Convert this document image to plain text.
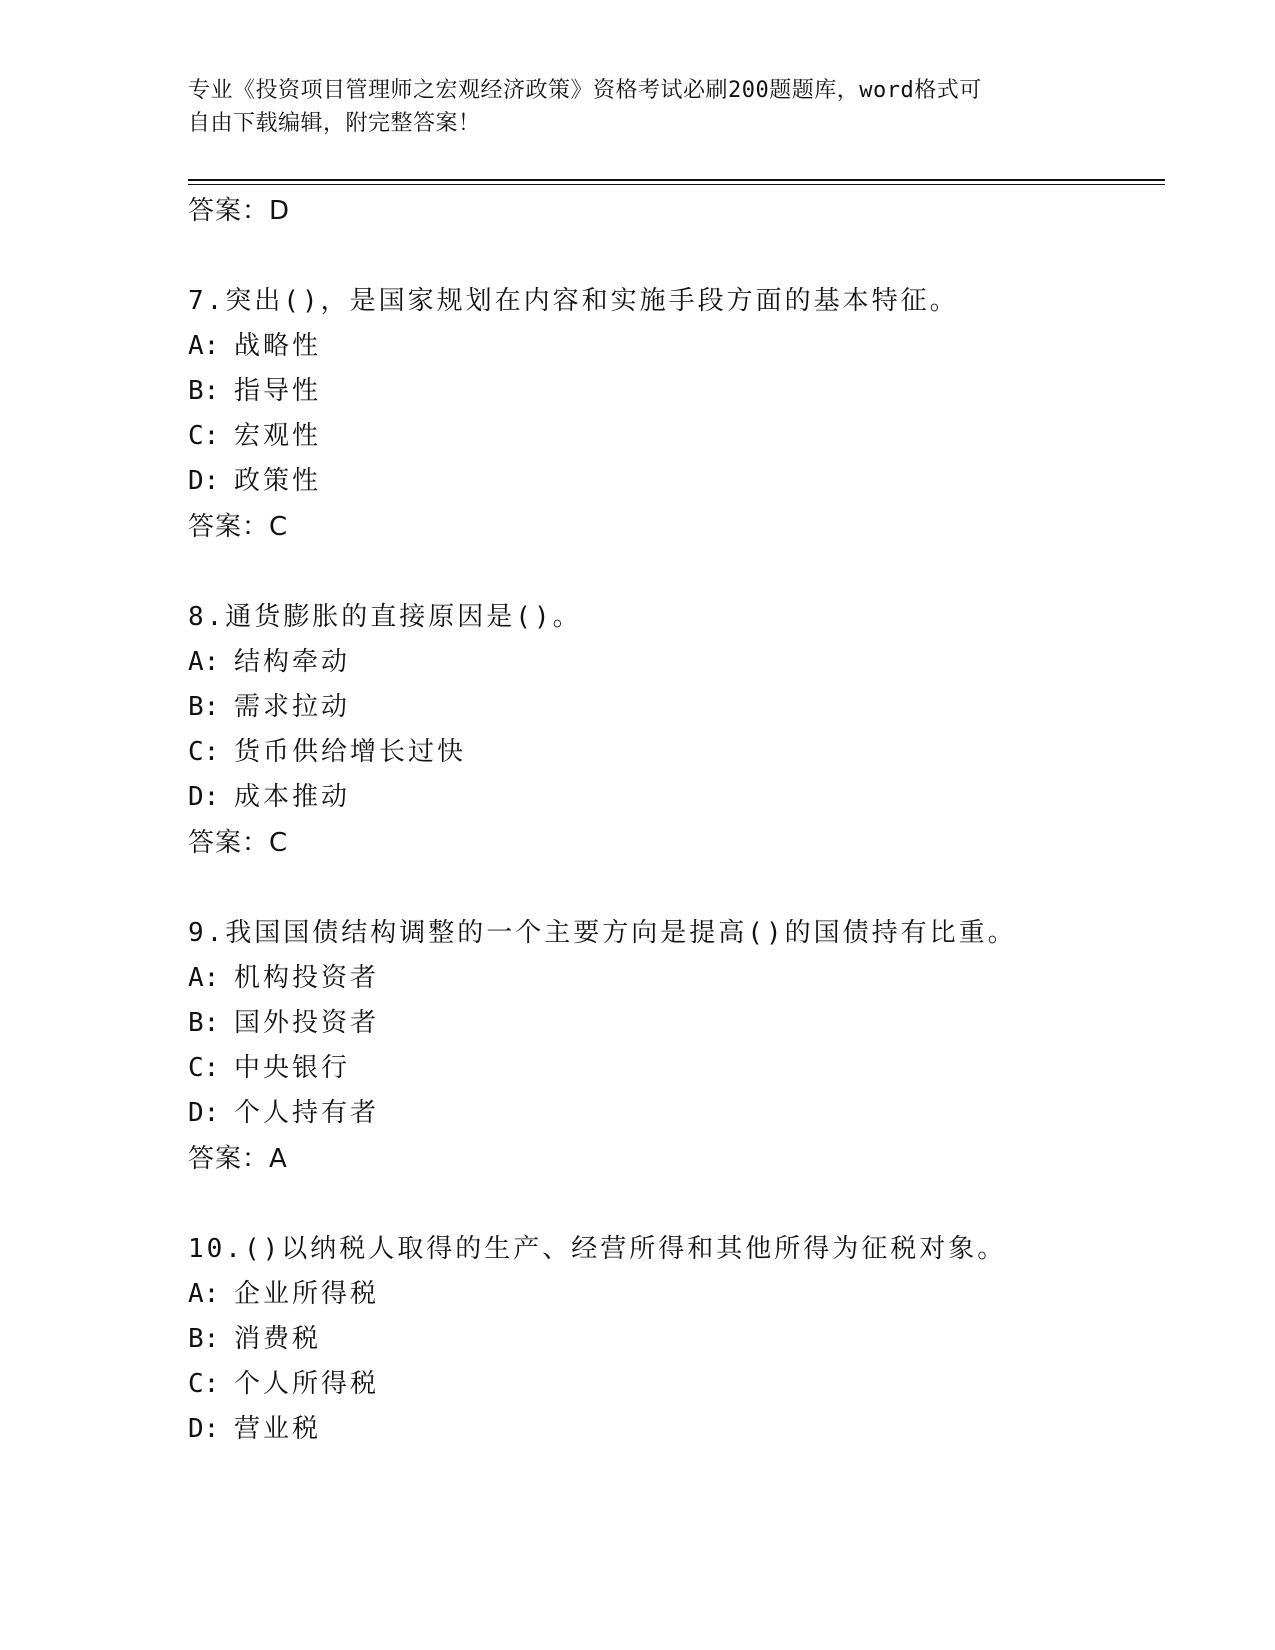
专业《投资项目管理师之宏观经济政策》资格考试必刷200题题库，word格式可
自由下载编辑，附完整答案！
答案：D
7.突出()，是国家规划在内容和实施手段方面的基本特征。
A: 战略性
B: 指导性
C: 宏观性
D: 政策性
答案：C
8.通货膨胀的直接原因是()。
A: 结构牵动
B: 需求拉动
C: 货币供给增长过快
D: 成本推动
答案：C
9.我国国债结构调整的一个主要方向是提高()的国债持有比重。
A: 机构投资者
B: 国外投资者
C: 中央银行
D: 个人持有者
答案：A
10.()以纳税人取得的生产、经营所得和其他所得为征税对象。
A: 企业所得税
B: 消费税
C: 个人所得税
D: 营业税
